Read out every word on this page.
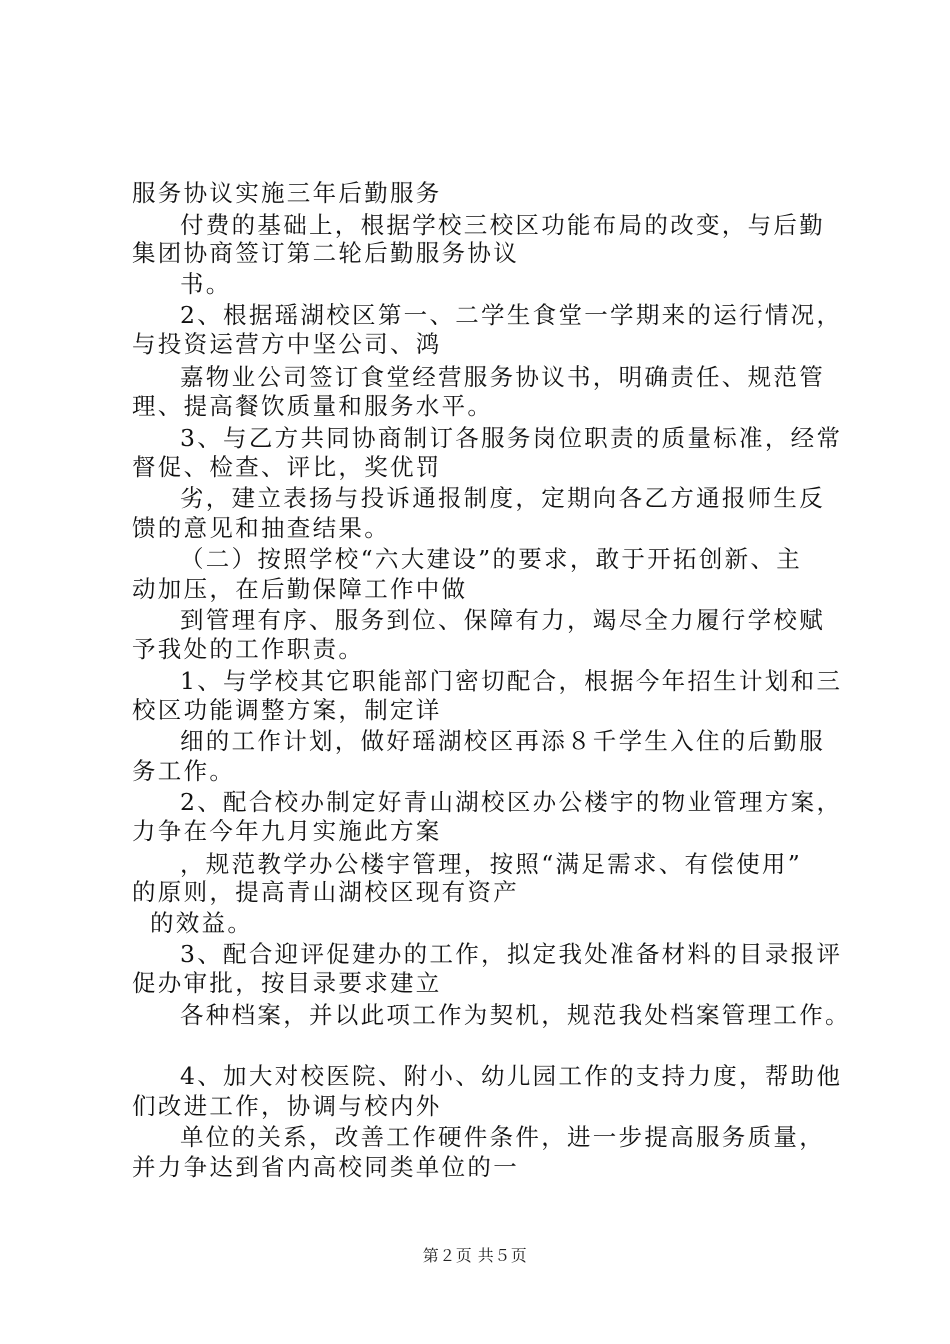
服务协议实施三年后勤服务
付费的基础上，根据学校三校区功能布局的改变，与后勤
集团协商签订第二轮后勤服务协议
书。
2、根据瑶湖校区第一、二学生食堂一学期来的运行情况，
与投资运营方中坚公司、鸿
嘉物业公司签订食堂经营服务协议书，明确责任、规范管
理、提高餐饮质量和服务水平。
3、与乙方共同协商制订各服务岗位职责的质量标准，经常
督促、检查、评比，奖优罚
劣，建立表扬与投诉通报制度，定期向各乙方通报师生反
馈的意见和抽查结果。
（二）按照学校“六大建设”的要求，敢于开拓创新、主
动加压，在后勤保障工作中做
到管理有序、服务到位、保障有力，竭尽全力履行学校赋
予我处的工作职责。
1、与学校其它职能部门密切配合，根据今年招生计划和三
校区功能调整方案，制定详
细的工作计划，做好瑶湖校区再添８千学生入住的后勤服
务工作。
2、配合校办制定好青山湖校区办公楼宇的物业管理方案，
力争在今年九月实施此方案
，规范教学办公楼宇管理，按照“满足需求、有偿使用”
的原则，提高青山湖校区现有资产
的效益。
3、配合迎评促建办的工作，拟定我处准备材料的目录报评
促办审批，按目录要求建立
各种档案，并以此项工作为契机，规范我处档案管理工作。
4、加大对校医院、附小、幼儿园工作的支持力度，帮助他
们改进工作，协调与校内外
单位的关系，改善工作硬件条件，进一步提高服务质量，
并力争达到省内高校同类单位的一
第２页 共５页
